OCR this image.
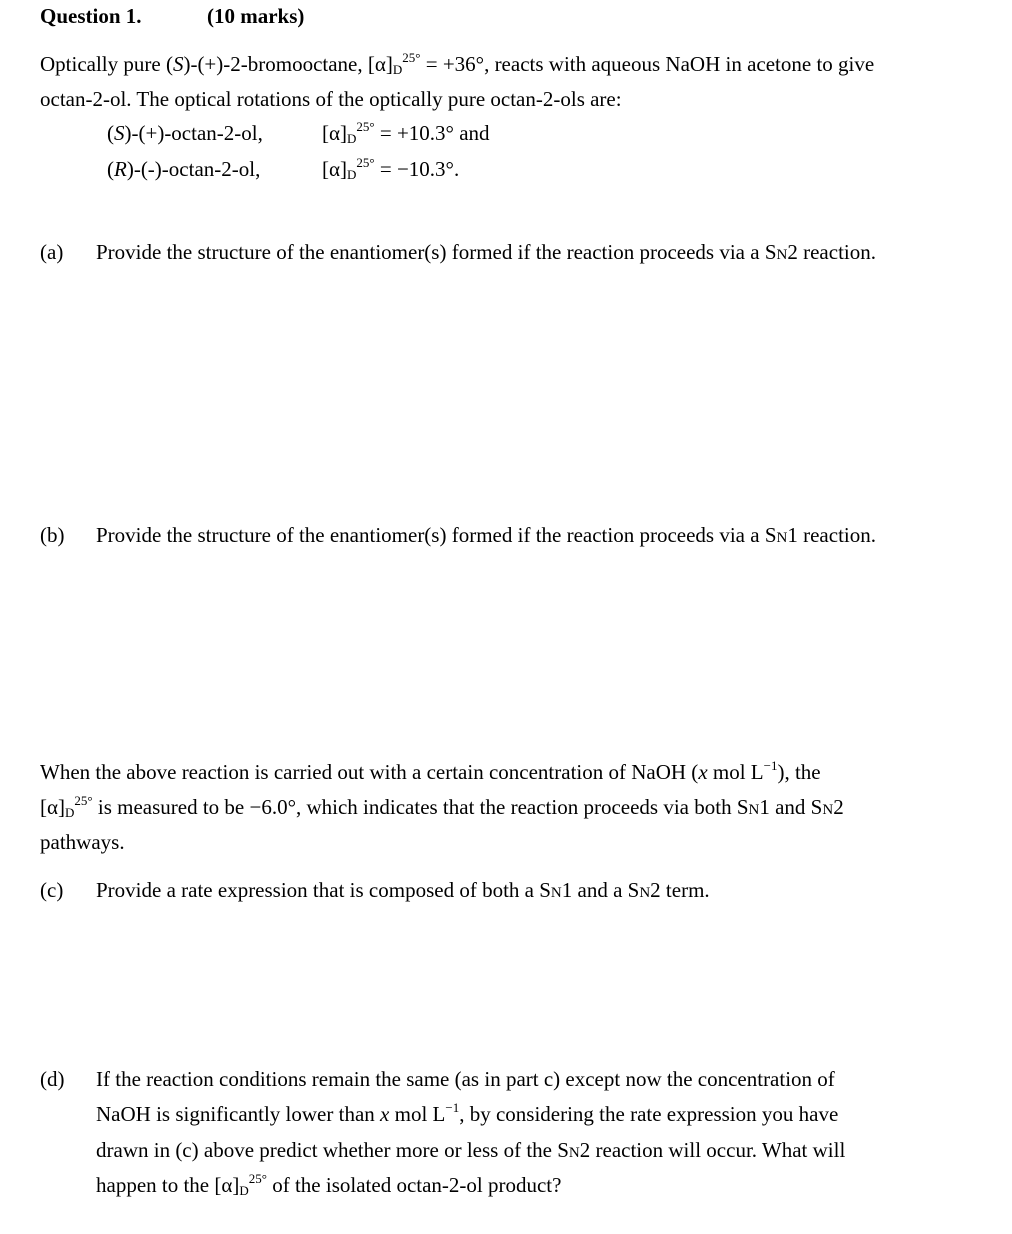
Question 1.	(10 marks)
Optically pure (S)-(+)-2-bromooctane, $[\alpha]_D^{25^\circ} = +36^\circ$, reacts with aqueous NaOH in acetone to give
octan-2-ol. The optical rotations of the optically pure octan-2-ols are:
(S)-(+)-octan-2-ol,	$[\alpha]_D^{25^\circ} = +10.3^\circ$ and
(R)-(-)-octan-2-ol,	$[\alpha]_D^{25^\circ} = -10.3^\circ$.
(a) Provide the structure of the enantiomer(s) formed if the reaction proceeds via a SN2 reaction.
(b) Provide the structure of the enantiomer(s) formed if the reaction proceeds via a SN1 reaction.
When the above reaction is carried out with a certain concentration of NaOH (x mol $L^{-1}$), the
$[\alpha]_D^{25^\circ}$ is measured to be −6.0°, which indicates that the reaction proceeds via both SN1 and SN2
pathways.
(c) Provide a rate expression that is composed of both a SN1 and a SN2 term.
(d) If the reaction conditions remain the same (as in part c) except now the concentration of
NaOH is significantly lower than x mol $L^{-1}$, by considering the rate expression you have
drawn in (c) above predict whether more or less of the SN2 reaction will occur. What will
happen to the $[\alpha]_D^{25^\circ}$ of the isolated octan-2-ol product?
